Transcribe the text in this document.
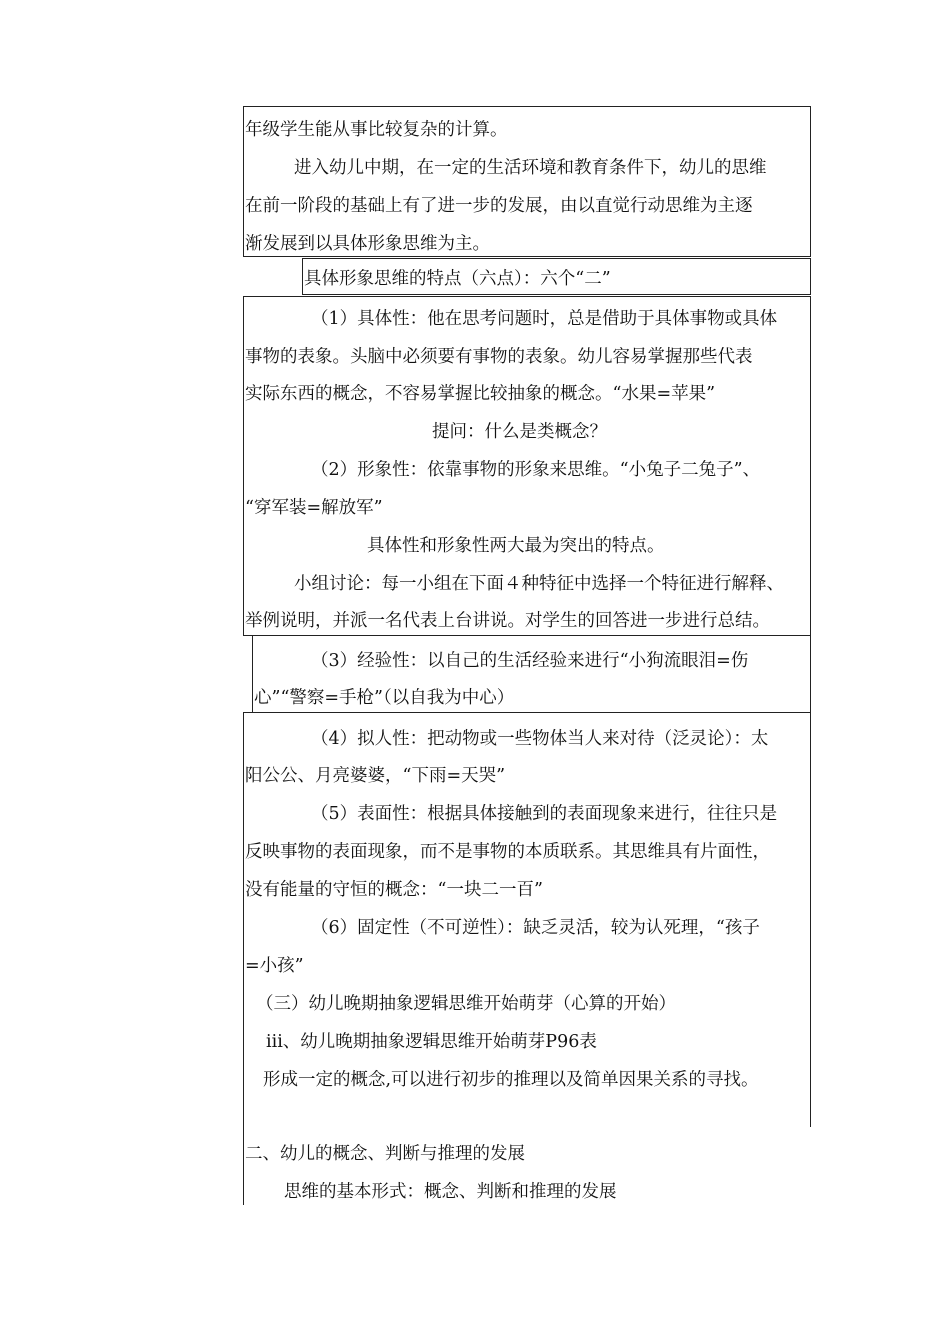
年级学生能从事比较复杂的计算。
进入幼儿中期，在一定的生活环境和教育条件下，幼儿的思维
在前一阶段的基础上有了进一步的发展，由以直觉行动思维为主逐
渐发展到以具体形象思维为主。
具体形象思维的特点（六点）：六个“二”
（1）具体性：他在思考问题时，总是借助于具体事物或具体
事物的表象。头脑中必须要有事物的表象。幼儿容易掌握那些代表
实际东西的概念，不容易掌握比较抽象的概念。“水果=苹果”
提问：什么是类概念？
（2）形象性：依靠事物的形象来思维。“小兔子二兔子”、
“穿军装=解放军”
具体性和形象性两大最为突出的特点。
小组讨论：每一小组在下面４种特征中选择一个特征进行解释、
举例说明，并派一名代表上台讲说。对学生的回答进一步进行总结。
（3）经验性：以自己的生活经验来进行“小狗流眼泪=伤
心”“警察=手枪”（以自我为中心）
（4）拟人性：把动物或一些物体当人来对待（泛灵论）：太
阳公公、月亮婆婆，“下雨=天哭”
（5）表面性：根据具体接触到的表面现象来进行，往往只是
反映事物的表面现象，而不是事物的本质联系。其思维具有片面性，
没有能量的守恒的概念：“一块二一百”
（6）固定性（不可逆性）：缺乏灵活，较为认死理，“孩子
=小孩”
（三）幼儿晚期抽象逻辑思维开始萌芽（心算的开始）
iii、幼儿晚期抽象逻辑思维开始萌芽P96表
形成一定的概念,可以进行初步的推理以及简单因果关系的寻找。
二、幼儿的概念、判断与推理的发展
思维的基本形式：概念、判断和推理的发展
